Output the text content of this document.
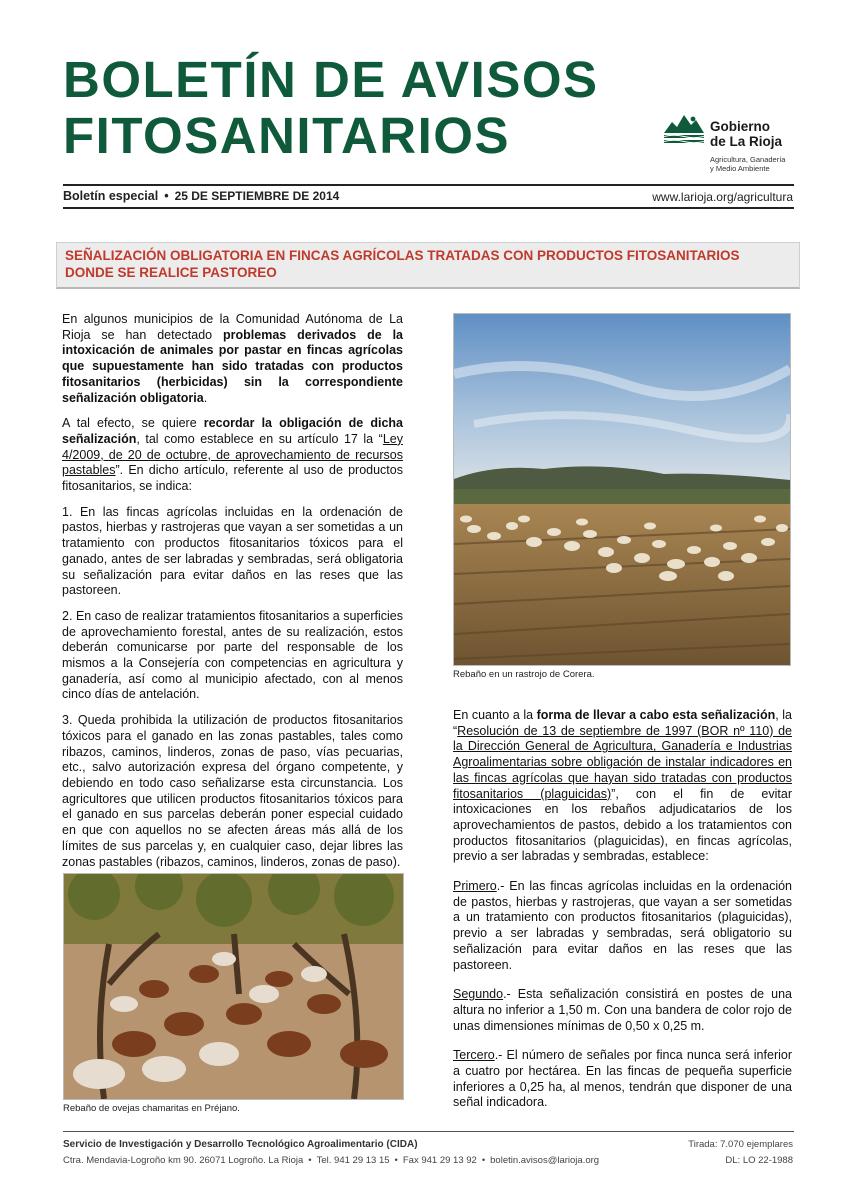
BOLETÍN DE AVISOS
FITOSANITARIOS	Gobierno
de La Rioja
Agricultura, Ganadería
y Medio Ambiente
Boletín especial • 25 DE SEPTIEMBRE DE 2014	www.larioja.org/agricultura
SEÑALIZACIÓN OBLIGATORIA EN FINCAS AGRÍCOLAS TRATADAS CON PRODUCTOS FITOSANITARIOS
DONDE SE REALICE PASTOREO

En algunos municipios de la Comunidad Autónoma de La Rioja se han detectado problemas derivados de la intoxicación de animales por pastar en fincas agrícolas que supuestamente han sido tratadas con productos fitosanitarios (herbicidas) sin la correspondiente señalización obligatoria.

A tal efecto, se quiere recordar la obligación de dicha señalización, tal como establece en su artículo 17 la “Ley 4/2009, de 20 de octubre, de aprovechamiento de recursos pastables”. En dicho artículo, referente al uso de productos fitosanitarios, se indica:

1. En las fincas agrícolas incluidas en la ordenación de pastos, hierbas y rastrojeras que vayan a ser sometidas a un tratamiento con productos fitosanitarios tóxicos para el ganado, antes de ser labradas y sembradas, será obligatoria su señalización para evitar daños en las reses que las pastoreen.

2. En caso de realizar tratamientos fitosanitarios a superficies de aprovechamiento forestal, antes de su realización, estos deberán comunicarse por parte del responsable de los mismos a la Consejería con competencias en agricultura y ganadería, así como al municipio afectado, con al menos cinco días de antelación.

3. Queda prohibida la utilización de productos fitosanitarios tóxicos para el ganado en las zonas pastables, tales como ribazos, caminos, linderos, zonas de paso, vías pecuarias, etc., salvo autorización expresa del órgano competente, y debiendo en todo caso señalizarse esta circunstancia. Los agricultores que utilicen productos fitosanitarios tóxicos para el ganado en sus parcelas deberán poner especial cuidado en que con aquellos no se afecten áreas más allá de los límites de sus parcelas y, en cualquier caso, dejar libres las zonas pastables (ribazos, caminos, linderos, zonas de paso).

Rebaño en un rastrojo de Corera.

En cuanto a la forma de llevar a cabo esta señalización, la “Resolución de 13 de septiembre de 1997 (BOR nº 110) de la Dirección General de Agricultura, Ganadería e Industrias Agroalimentarias sobre obligación de instalar indicadores en las fincas agrícolas que hayan sido tratadas con productos fitosanitarios (plaguicidas)”, con el fin de evitar intoxicaciones en los rebaños adjudicatarios de los aprovechamientos de pastos, debido a los tratamientos con productos fitosanitarios (plaguicidas), en fincas agrícolas, previo a ser labradas y sembradas, establece:

Primero.- En las fincas agrícolas incluidas en la ordenación de pastos, hierbas y rastrojeras, que vayan a ser sometidas a un tratamiento con productos fitosanitarios (plaguicidas), previo a ser labradas y sembradas, será obligatorio su señalización para evitar daños en las reses que las pastoreen.

Segundo.- Esta señalización consistirá en postes de una altura no inferior a 1,50 m. Con una bandera de color rojo de unas dimensiones mínimas de 0,50 x 0,25 m.

Tercero.- El número de señales por finca nunca será inferior a cuatro por hectárea. En las fincas de pequeña superficie inferiores a 0,25 ha, al menos, tendrán que disponer de una señal indicadora.

Rebaño de ovejas chamaritas en Préjano.
Servicio de Investigación y Desarrollo Tecnológico Agroalimentario (CIDA)
Ctra. Mendavia-Logroño km 90. 26071 Logroño. La Rioja • Tel. 941 29 13 15 • Fax 941 29 13 92 • boletin.avisos@larioja.org
Tirada: 7.070 ejemplares
DL: LO 22-1988
